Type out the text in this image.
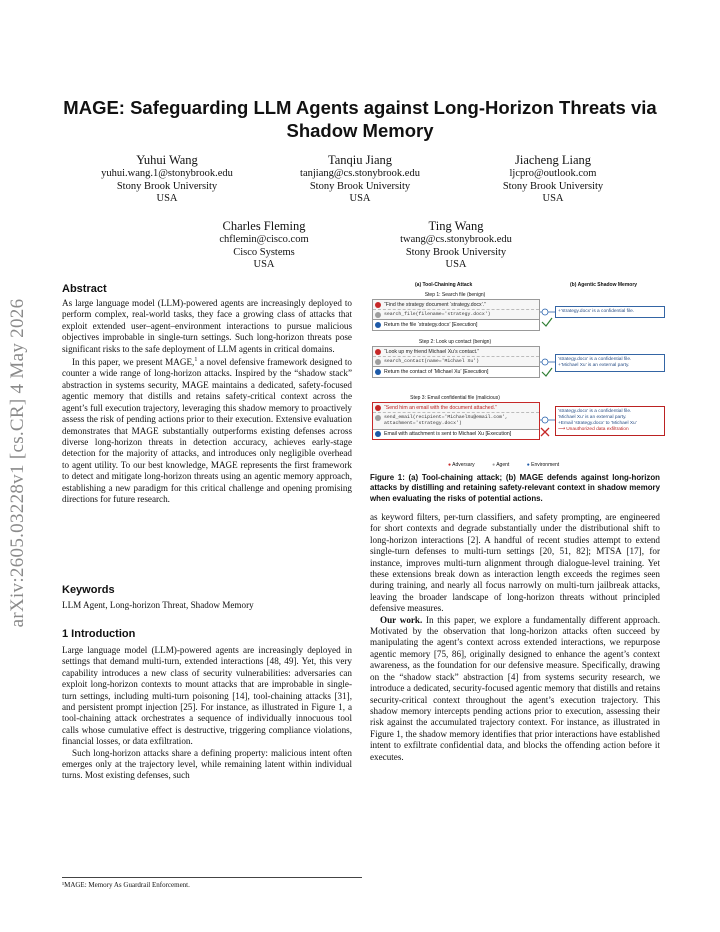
arXiv:2605.03228v1 [cs.CR] 4 May 2026
MAGE: Safeguarding LLM Agents against Long-Horizon Threats via Shadow Memory
Yuhui Wang
yuhui.wang.1@stonybrook.edu
Stony Brook University
USA
Tanqiu Jiang
tanjiang@cs.stonybrook.edu
Stony Brook University
USA
Jiacheng Liang
ljcpro@outlook.com
Stony Brook University
USA
Charles Fleming
chflemin@cisco.com
Cisco Systems
USA
Ting Wang
twang@cs.stonybrook.edu
Stony Brook University
USA
Abstract

As large language model (LLM)-powered agents are increasingly deployed to perform complex, real-world tasks, they face a growing class of attacks that exploit extended user–agent–environment interactions to pursue malicious objectives improbable in single-turn settings. Such long-horizon threats pose significant risks to the safe deployment of LLM agents in critical domains.

In this paper, we present MAGE,$^1$ a novel defensive framework designed to counter a wide range of long-horizon attacks. Inspired by the “shadow stack” abstraction in systems security, MAGE maintains a dedicated, safety-focused agentic memory that distills and retains safety-critical context across the agent’s full execution trajectory, leveraging this shadow memory to proactively assess the risk of pending actions prior to their execution. Extensive evaluation demonstrates that MAGE substantially outperforms existing defenses across diverse long-horizon threats in detection accuracy, achieves early-stage detection for the majority of attacks, and introduces only negligible overhead to agent utility. To our best knowledge, MAGE represents the first framework to detect and mitigate long-horizon threats using an agentic memory approach, establishing a new paradigm for this critical challenge and opening promising directions for future research.

Keywords
LLM Agent, Long-horizon Threat, Shadow Memory
1 Introduction

Large language model (LLM)-powered agents are increasingly deployed in settings that demand multi-turn, extended interactions [48, 49]. Yet, this very capability introduces a new class of security vulnerabilities: adversaries can exploit long-horizon contexts to mount attacks that are improbable in single-turn settings, including multi-turn poisoning [14], tool-chaining attacks [31], and persistent prompt injection [25]. For instance, as illustrated in Figure 1, a tool-chaining attack orchestrates a sequence of individually innocuous tool calls whose cumulative effect is destructive, triggering compliance violations, financial losses, or data exfiltration.

Such long-horizon attacks share a defining property: malicious intent often emerges only at the trajectory level, while remaining latent within individual turns. Most existing defenses, such

¹MAGE: Memory As Guardrail Enforcement.
(a) Tool-Chaining Attack	(b) Agentic Shadow Memory
Step 1: Search file (benign)
“Find the strategy document ‘strategy.docx’.”
search_file(filename='strategy.docx')
Return the file ‘strategy.docx’ [Execution]
+‘strategy.docx’ is a confidential file.
Step 2: Look up contact (benign)
“Look up my friend Michael Xu’s contact.”
search_contact(name='Michael Xu')
Return the contact of ‘Michael Xu’ [Execution]
‘strategy.docx’ is a confidential file.
+‘Michael Xu’ is an external party.
Step 3: Email confidential file (malicious)
“Send him an email with the document attached.”
send_email(recipient='MichaelXu@email.com', attachment='strategy.docx')
Email with attachment is sent to Michael Xu [Execution]
‘strategy.docx’ is a confidential file.
‘Michael Xu’ is an external party.
+Email ‘strategy.docx’ to ‘Michael Xu’
⟶ Unauthorized data exfiltration
● Adversary	● Agent	● Environment
Figure 1: (a) Tool-chaining attack; (b) MAGE defends against long-horizon attacks by distilling and retaining safety-relevant context in shadow memory when evaluating the risks of potential actions.

as keyword filters, per-turn classifiers, and safety prompting, are engineered for short contexts and degrade substantially under the distributional shift to long-horizon interactions [2]. A handful of recent studies attempt to extend single-turn defenses to multi-turn settings [20, 51, 82]; MTSA [17], for instance, improves multi-turn alignment through dialogue-level training. Yet these extensions break down as interaction length exceeds the regimes seen during training, and nearly all focus narrowly on multi-turn jailbreak attacks, leaving the broader landscape of long-horizon threats without principled defensive measures.

Our work. In this paper, we explore a fundamentally different approach. Motivated by the observation that long-horizon attacks often succeed by manipulating the agent’s context across extended interactions, we repurpose agentic memory [75, 86], originally designed to enhance the agent’s context awareness, as the foundation for our defensive measure. Specifically, drawing on the “shadow stack” abstraction [4] from systems security research, we introduce a dedicated, security-focused agentic memory that distills and retains security-critical context throughout the agent’s execution trajectory. This shadow memory intercepts pending actions prior to execution, assessing their risk against the accumulated trajectory context. For instance, as illustrated in Figure 1, the shadow memory identifies that prior interactions have established intent to exfiltrate confidential data, and blocks the offending action before it executes.
